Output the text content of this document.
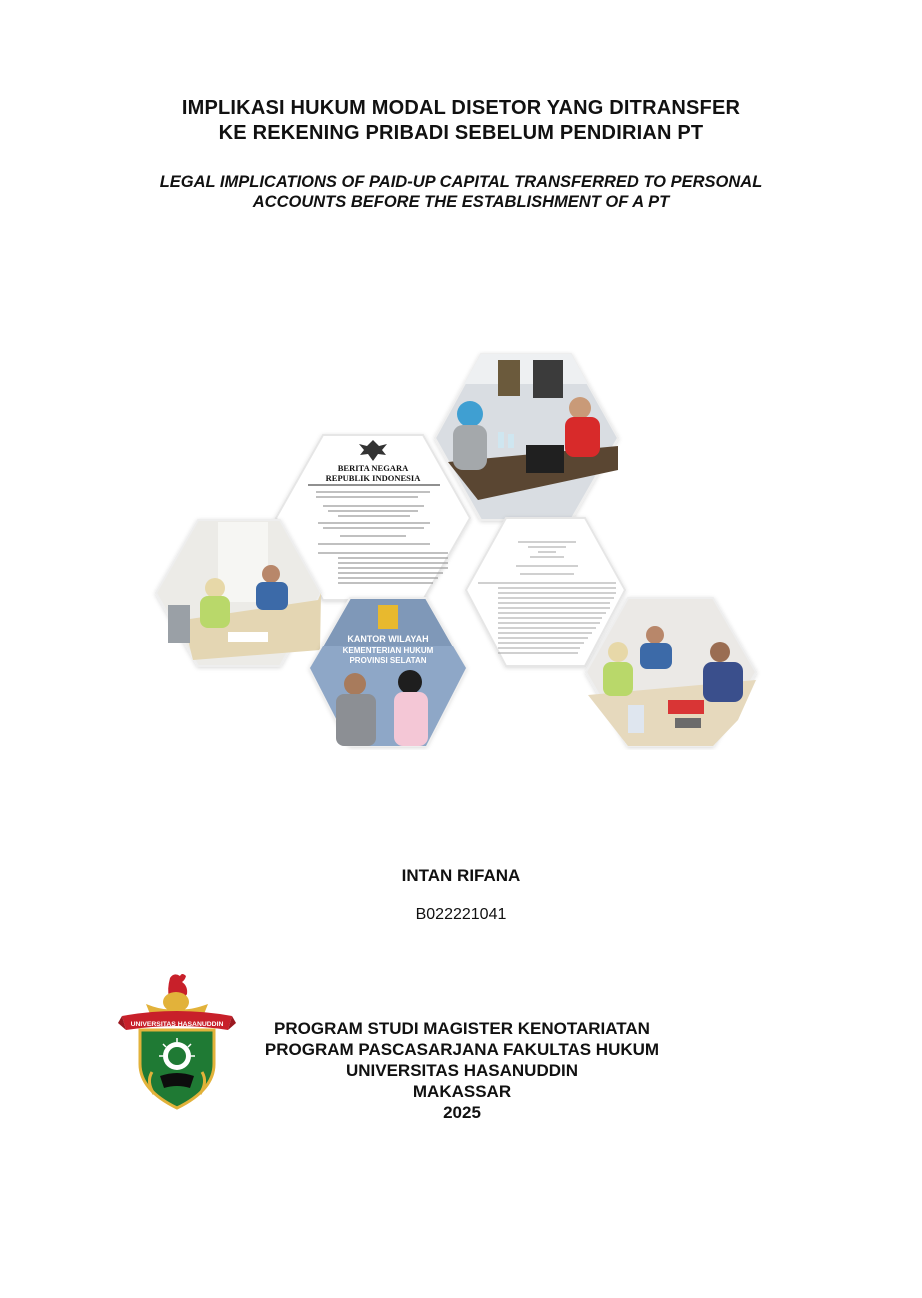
IMPLIKASI HUKUM MODAL DISETOR YANG DITRANSFER
KE REKENING PRIBADI SEBELUM PENDIRIAN PT
LEGAL IMPLICATIONS OF PAID-UP CAPITAL TRANSFERRED TO PERSONAL
ACCOUNTS BEFORE THE ESTABLISHMENT OF A PT
BERITA NEGARA
REPUBLIK INDONESIA
KANTOR WILAYAH
KEMENTERIAN HUKUM
PROVINSI SELATAN
INTAN RIFANA
B022221041
UNIVERSITAS HASANUDDIN	PROGRAM STUDI MAGISTER KENOTARIATAN
PROGRAM PASCASARJANA FAKULTAS HUKUM
UNIVERSITAS HASANUDDIN
MAKASSAR
2025
